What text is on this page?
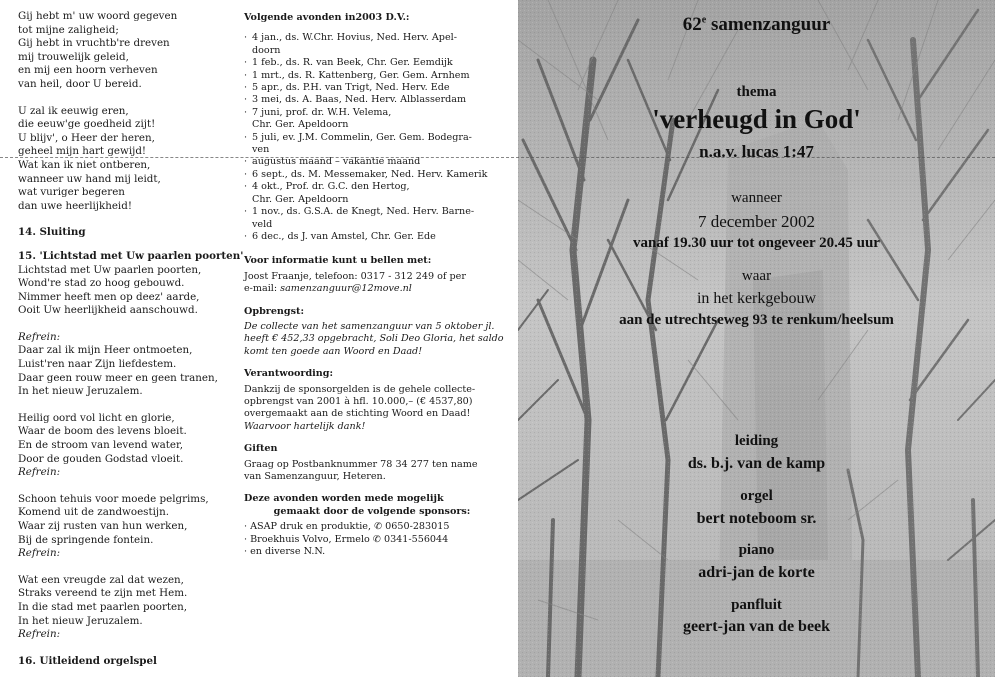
Gij hebt m' uw woord gegeven
tot mijne zaligheid;
Gij hebt in vruchtb're dreven
mij trouwelijk geleid,
en mij een hoorn verheven
van heil, door U bereid.
U zal ik eeuwig eren,
die eeuw'ge goedheid zijt!
U blijv', o Heer der heren,
geheel mijn hart gewijd!
Wat kan ik niet ontberen,
wanneer uw hand mij leidt,
wat vuriger begeren
dan uwe heerlijkheid!
14. Sluiting
15. 'Lichtstad met Uw paarlen poorten'
Lichtstad met Uw paarlen poorten,
Wond're stad zo hoog gebouwd.
Nimmer heeft men op deez' aarde,
Ooit Uw heerlijkheid aanschouwd.
Refrein:
Daar zal ik mijn Heer ontmoeten,
Luist'ren naar Zijn liefdestem.
Daar geen rouw meer en geen tranen,
In het nieuw Jeruzalem.
Heilig oord vol licht en glorie,
Waar de boom des levens bloeit.
En de stroom van levend water,
Door de gouden Godstad vloeit.
Refrein:
Schoon tehuis voor moede pelgrims,
Komend uit de zandwoestijn.
Waar zij rusten van hun werken,
Bij de springende fontein.
Refrein:
Wat een vreugde zal dat wezen,
Straks vereend te zijn met Hem.
In die stad met paarlen poorten,
In het nieuw Jeruzalem.
Refrein:
16. Uitleidend orgelspel
Volgende avonden in2003 D.V.:
· 4 jan., ds. W.Chr. Hovius, Ned. Herv. Apel-
doorn
· 1 feb., ds. R. van Beek, Chr. Ger. Eemdijk
· 1 mrt., ds. R. Kattenberg, Ger. Gem. Arnhem
· 5 apr., ds. P.H. van Trigt, Ned. Herv. Ede
· 3 mei, ds. A. Baas, Ned. Herv. Alblasserdam
· 7 juni, prof. dr. W.H. Velema,
Chr. Ger. Apeldoorn
· 5 juli, ev. J.M. Commelin, Ger. Gem. Bodegra-
ven
· augustus maand – vakantie maand
· 6 sept., ds. M. Messemaker, Ned. Herv. Kamerik
· 4 okt., Prof. dr. G.C. den Hertog,
Chr. Ger. Apeldoorn
· 1 nov., ds. G.S.A. de Knegt, Ned. Herv. Barne-
veld
· 6 dec., ds J. van Amstel, Chr. Ger. Ede
Voor informatie kunt u bellen met:
Joost Fraanje, telefoon: 0317 - 312 249 of per
e-mail: samenzanguur@12move.nl
Opbrengst:
De collecte van het samenzanguur van 5 oktober jl.
heeft € 452,33 opgebracht, Soli Deo Gloria, het saldo
komt ten goede aan Woord en Daad!
Verantwoording:
Dankzij de sponsorgelden is de gehele collecte-
opbrengst van 2001 à hfl. 10.000,– (€ 4537,80)
overgemaakt aan de stichting Woord en Daad!
Waarvoor hartelijk dank!
Giften
Graag op Postbanknummer 78 34 277 ten name
van Samenzanguur, Heteren.
Deze avonden worden mede mogelijk
gemaakt door de volgende sponsors:
· ASAP druk en produktie, ✆ 0650-283015
· Broekhuis Volvo, Ermelo ✆ 0341-556044
· en diverse N.N.
62e samenzanguur
thema
'verheugd in God'
n.a.v. lucas 1:47
wanneer
7 december 2002
vanaf 19.30 uur tot ongeveer 20.45 uur
waar
in het kerkgebouw
aan de utrechtseweg 93 te renkum/heelsum
leiding
ds. b.j. van de kamp
orgel
bert noteboom sr.
piano
adri-jan de korte
panfluit
geert-jan van de beek
